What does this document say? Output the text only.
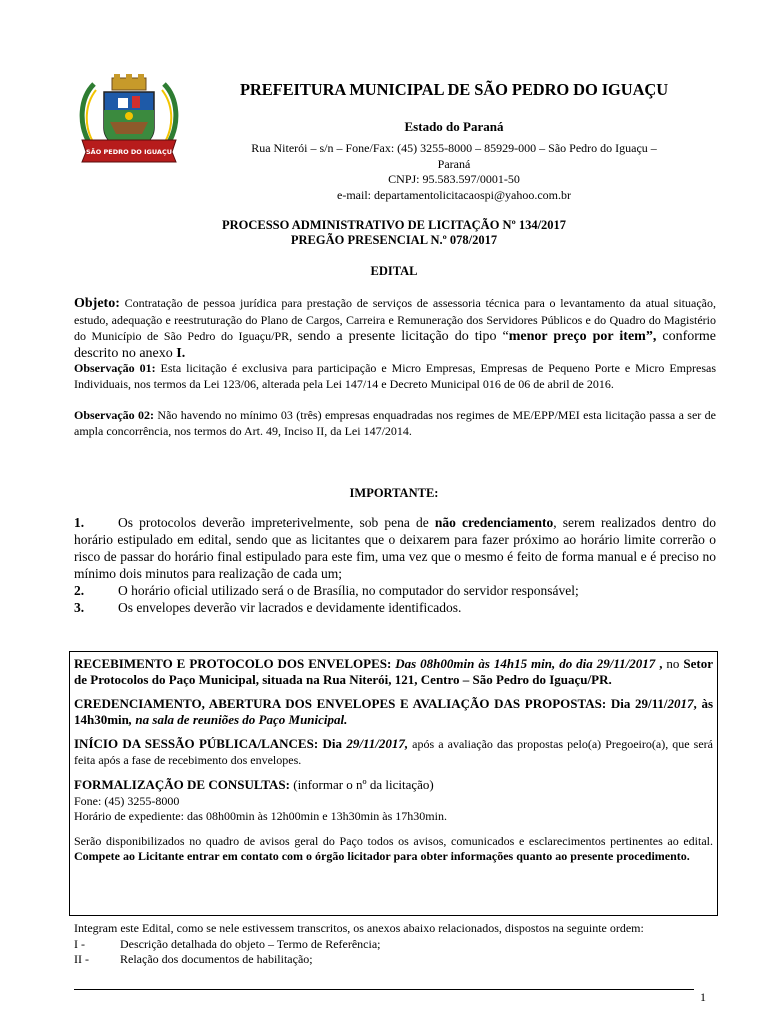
SÃO PEDRO DO IGUAÇU
PREFEITURA MUNICIPAL DE SÃO PEDRO DO IGUAÇU
Estado do Paraná
Rua Niterói – s/n – Fone/Fax: (45) 3255-8000 – 85929-000 – São Pedro do Iguaçu –
Paraná
CNPJ: 95.583.597/0001-50
e-mail: departamentolicitacaospi@yahoo.com.br
PROCESSO ADMINISTRATIVO DE LICITAÇÃO Nº 134/2017
PREGÃO PRESENCIAL N.º 078/2017
EDITAL
Objeto: Contratação de pessoa jurídica para prestação de serviços de assessoria técnica para o levantamento da atual situação, estudo, adequação e reestruturação do Plano de Cargos, Carreira e Remuneração dos Servidores Públicos e do Quadro do Magistério do Município de São Pedro do Iguaçu/PR, sendo a presente licitação do tipo “menor preço por item”, conforme descrito no anexo I.
Observação 01: Esta licitação é exclusiva para participação e Micro Empresas, Empresas de Pequeno Porte e Micro Empresas Individuais, nos termos da Lei 123/06, alterada pela Lei 147/14 e Decreto Municipal 016 de 06 de abril de 2016.
Observação 02: Não havendo no mínimo 03 (três) empresas enquadradas nos regimes de ME/EPP/MEI esta licitação passa a ser de ampla concorrência, nos termos do Art. 49, Inciso II, da Lei 147/2014.
IMPORTANTE:
1.	Os protocolos deverão impreterivelmente, sob pena de não credenciamento, serem realizados dentro do horário estipulado em edital, sendo que as licitantes que o deixarem para fazer próximo ao horário limite correrão o risco de passar do horário final estipulado para este fim, uma vez que o mesmo é feito de forma manual e é preciso no mínimo dois minutos para realização de cada um;
2.	O horário oficial utilizado será o de Brasília, no computador do servidor responsável;
3.	Os envelopes deverão vir lacrados e devidamente identificados.

RECEBIMENTO E PROTOCOLO DOS ENVELOPES: Das 08h00min às 14h15 min, do dia 29/11/2017 , no Setor de Protocolos do Paço Municipal, situada na Rua Niterói, 121, Centro – São Pedro do Iguaçu/PR.

CREDENCIAMENTO, ABERTURA DOS ENVELOPES E AVALIAÇÃO DAS PROPOSTAS: Dia 29/11/2017, às 14h30min, na sala de reuniões do Paço Municipal.

INÍCIO DA SESSÃO PÚBLICA/LANCES: Dia 29/11/2017, após a avaliação das propostas pelo(a) Pregoeiro(a), que será feita após a fase de recebimento dos envelopes.

FORMALIZAÇÃO DE CONSULTAS: (informar o nº da licitação)
Fone: (45) 3255-8000
Horário de expediente: das 08h00min às 12h00min e 13h30min às 17h30min.

Serão disponibilizados no quadro de avisos geral do Paço todos os avisos, comunicados e esclarecimentos pertinentes ao edital. Compete ao Licitante entrar em contato com o órgão licitador para obter informações quanto ao presente procedimento.

Integram este Edital, como se nele estivessem transcritos, os anexos abaixo relacionados, dispostos na seguinte ordem:
I -	Descrição detalhada do objeto – Termo de Referência;
II -	Relação dos documentos de habilitação;
1
